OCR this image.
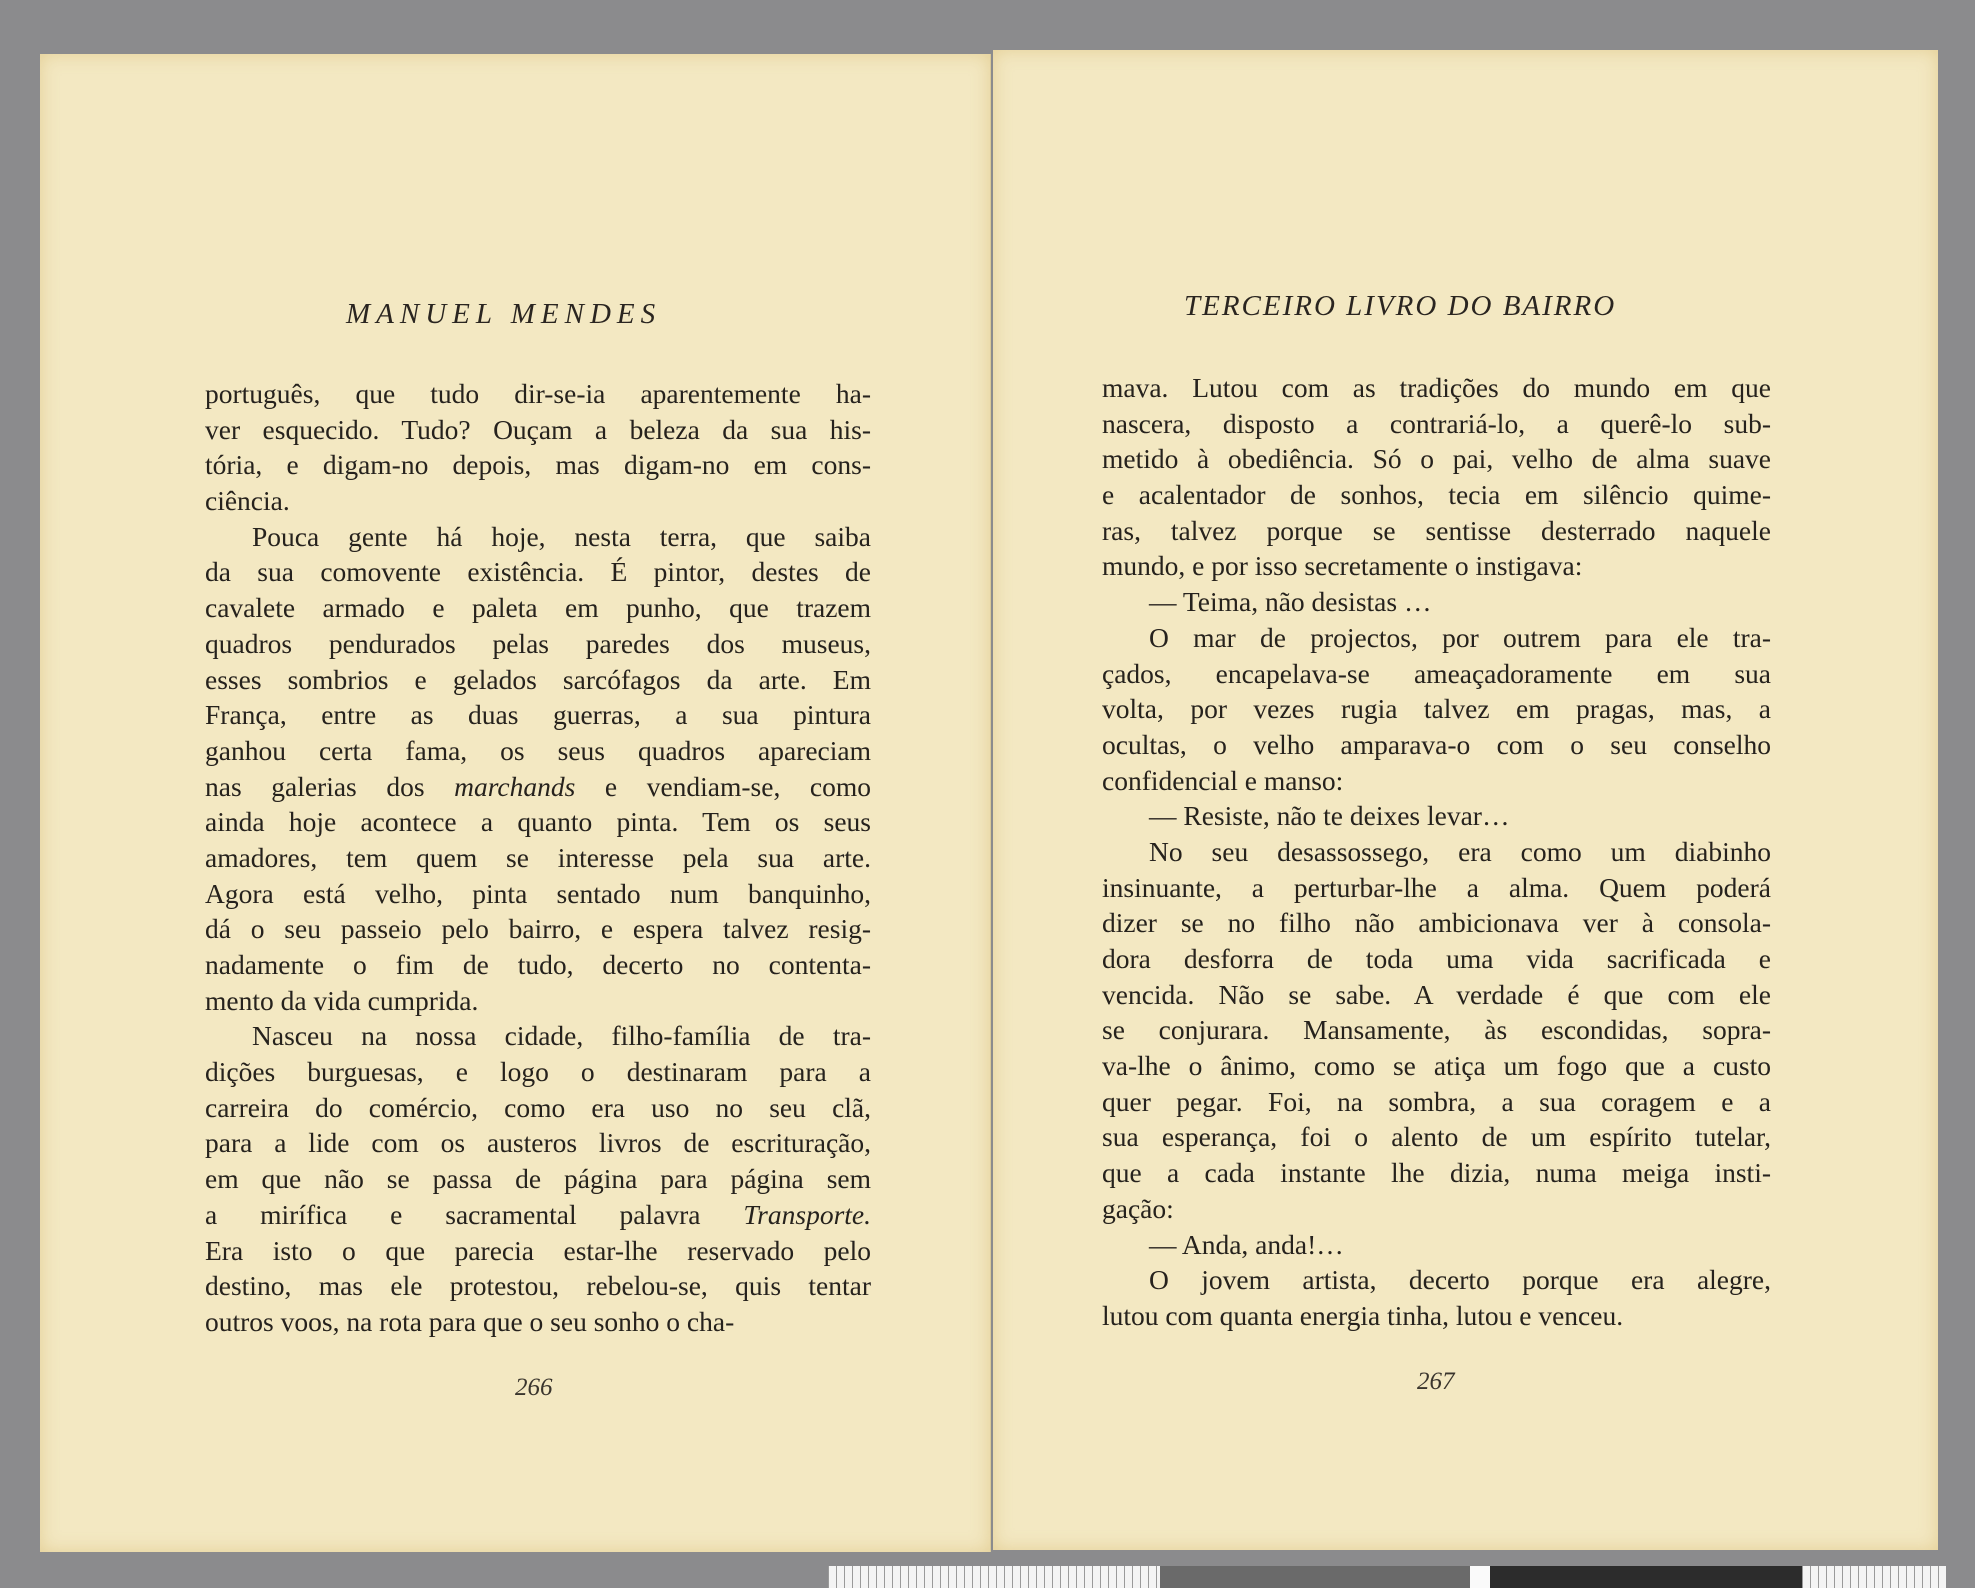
MANUEL MENDES
português, que tudo dir-se-ia aparentemente ha-
ver esquecido. Tudo? Ouçam a beleza da sua his-
tória, e digam-no depois, mas digam-no em cons-
ciência.
Pouca gente há hoje, nesta terra, que saiba
da sua comovente existência. É pintor, destes de
cavalete armado e paleta em punho, que trazem
quadros pendurados pelas paredes dos museus,
esses sombrios e gelados sarcófagos da arte. Em
França, entre as duas guerras, a sua pintura
ganhou certa fama, os seus quadros apareciam
nas galerias dos marchands e vendiam-se, como
ainda hoje acontece a quanto pinta. Tem os seus
amadores, tem quem se interesse pela sua arte.
Agora está velho, pinta sentado num banquinho,
dá o seu passeio pelo bairro, e espera talvez resig-
nadamente o fim de tudo, decerto no contenta-
mento da vida cumprida.
Nasceu na nossa cidade, filho-família de tra-
dições burguesas, e logo o destinaram para a
carreira do comércio, como era uso no seu clã,
para a lide com os austeros livros de escrituração,
em que não se passa de página para página sem
a mirífica e sacramental palavra Transporte.
Era isto o que parecia estar-lhe reservado pelo
destino, mas ele protestou, rebelou-se, quis tentar
outros voos, na rota para que o seu sonho o cha-
266
TERCEIRO LIVRO DO BAIRRO
mava. Lutou com as tradições do mundo em que
nascera, disposto a contrariá-lo, a querê-lo sub-
metido à obediência. Só o pai, velho de alma suave
e acalentador de sonhos, tecia em silêncio quime-
ras, talvez porque se sentisse desterrado naquele
mundo, e por isso secretamente o instigava:
— Teima, não desistas …
O mar de projectos, por outrem para ele tra-
çados, encapelava-se ameaçadoramente em sua
volta, por vezes rugia talvez em pragas, mas, a
ocultas, o velho amparava-o com o seu conselho
confidencial e manso:
— Resiste, não te deixes levar…
No seu desassossego, era como um diabinho
insinuante, a perturbar-lhe a alma. Quem poderá
dizer se no filho não ambicionava ver à consola-
dora desforra de toda uma vida sacrificada e
vencida. Não se sabe. A verdade é que com ele
se conjurara. Mansamente, às escondidas, sopra-
va-lhe o ânimo, como se atiça um fogo que a custo
quer pegar. Foi, na sombra, a sua coragem e a
sua esperança, foi o alento de um espírito tutelar,
que a cada instante lhe dizia, numa meiga insti-
gação:
— Anda, anda!…
O jovem artista, decerto porque era alegre,
lutou com quanta energia tinha, lutou e venceu.
267
